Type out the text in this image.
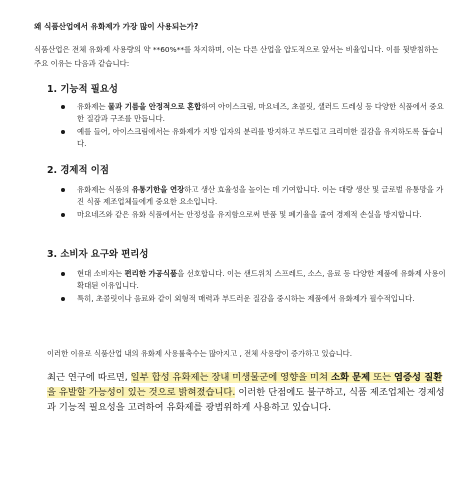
왜 식품산업에서 유화제가 가장 많이 사용되는가?
식품산업은 전체 유화제 사용량의 약 **60%**를 차지하며, 이는 다른 산업을 압도적으로 앞서는 비율입니다. 이를 뒷받침하는 주요 이유는 다음과 같습니다:
1. 기능적 필요성
유화제는 물과 기름을 안정적으로 혼합하여 아이스크림, 마요네즈, 초콜릿, 샐러드 드레싱 등 다양한 식품에서 중요한 질감과 구조를 만듭니다.
예를 들어, 아이스크림에서는 유화제가 지방 입자의 분리를 방지하고 부드럽고 크리미한 질감을 유지하도록 돕습니다.
2. 경제적 이점
유화제는 식품의 유통기한을 연장하고 생산 효율성을 높이는 데 기여합니다. 이는 대량 생산 및 글로벌 유통망을 가진 식품 제조업체들에게 중요한 요소입니다.
마요네즈와 같은 유화 식품에서는 안정성을 유지함으로써 반품 및 폐기율을 줄여 경제적 손실을 방지합니다.
3. 소비자 요구와 편리성
현대 소비자는 편리한 가공식품을 선호합니다. 이는 샌드위치 스프레드, 소스, 음료 등 다양한 제품에 유화제 사용이 확대된 이유입니다.
특히, 초콜릿이나 음료와 같이 외형적 매력과 부드러운 질감을 중시하는 제품에서 유화제가 필수적입니다.
이러한 이유로 식품산업 내의 유화제 사용률축수는 많아지고 , 전체 사용량이 증가하고 있습니다.
최근 연구에 따르면, 일부 합성 유화제는 장내 미생물군에 영향을 미쳐 소화 문제 또는 염증성 질환을 유발할 가능성이 있는 것으로 밝혀졌습니다. 이러한 단점에도 불구하고, 식품 제조업체는 경제성과 기능적 필요성을 고려하여 유화제를 광범위하게 사용하고 있습니다.
